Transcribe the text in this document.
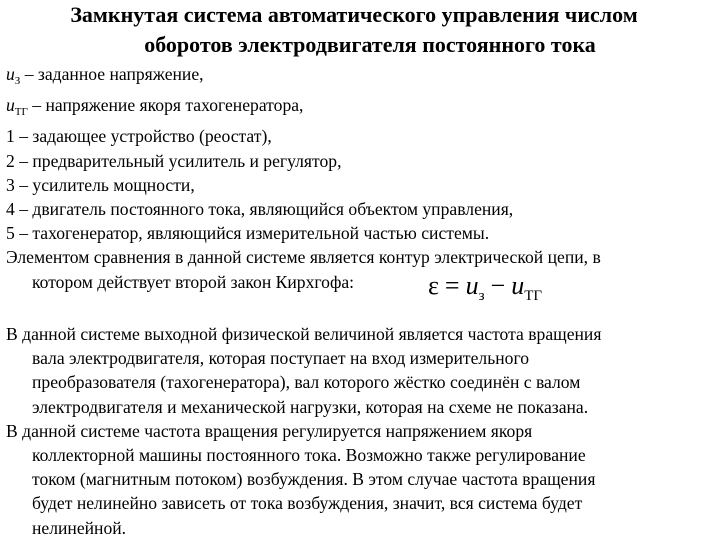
Замкнутая система автоматического управления числом
оборотов электродвигателя постоянного тока
$u_З$ – заданное напряжение,
$u_{ТГ}$ – напряжение якоря тахогенератора,
1 – задающее устройство (реостат),
2 – предварительный усилитель и регулятор,
3 – усилитель мощности,
4 – двигатель постоянного тока, являющийся объектом управления,
5 – тахогенератор, являющийся измерительной частью системы.
Элементом сравнения в данной системе является контур электрической цепи, в
котором действует второй закон Кирхгофа:	$\varepsilon = u_з - u_{ТГ}$
В данной системе выходной физической величиной является частота вращения
вала электродвигателя, которая поступает на вход измерительного
преобразователя (тахогенератора), вал которого жёстко соединён с валом
электродвигателя и механической нагрузки, которая на схеме не показана.
В данной системе частота вращения регулируется напряжением якоря
коллекторной машины постоянного тока. Возможно также регулирование
током (магнитным потоком) возбуждения. В этом случае частота вращения
будет нелинейно зависеть от тока возбуждения, значит, вся система будет
нелинейной.
